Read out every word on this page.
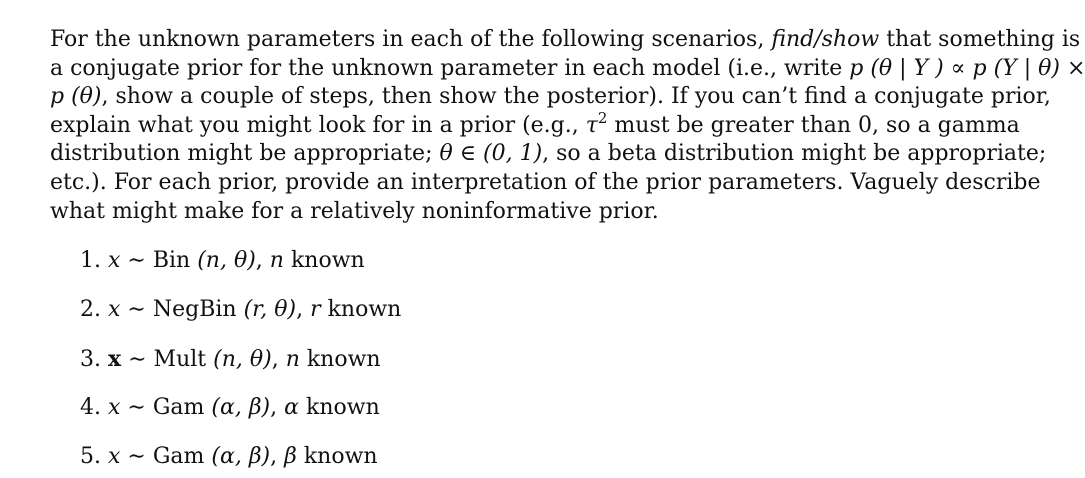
For the unknown parameters in each of the following scenarios, find/show that something is
a conjugate prior for the unknown parameter in each model (i.e., write p (θ | Y ) ∝ p (Y | θ) ×
p (θ), show a couple of steps, then show the posterior). If you can’t find a conjugate prior,
explain what you might look for in a prior (e.g., $\tau^2$ must be greater than 0, so a gamma
distribution might be appropriate; θ ∈ (0, 1), so a beta distribution might be appropriate;
etc.). For each prior, provide an interpretation of the prior parameters. Vaguely describe
what might make for a relatively noninformative prior.
1. x ∼ Bin (n, θ), n known
2. x ∼ NegBin (r, θ), r known
3. x ∼ Mult (n, θ), n known
4. x ∼ Gam (α, β), α known
5. x ∼ Gam (α, β), β known
